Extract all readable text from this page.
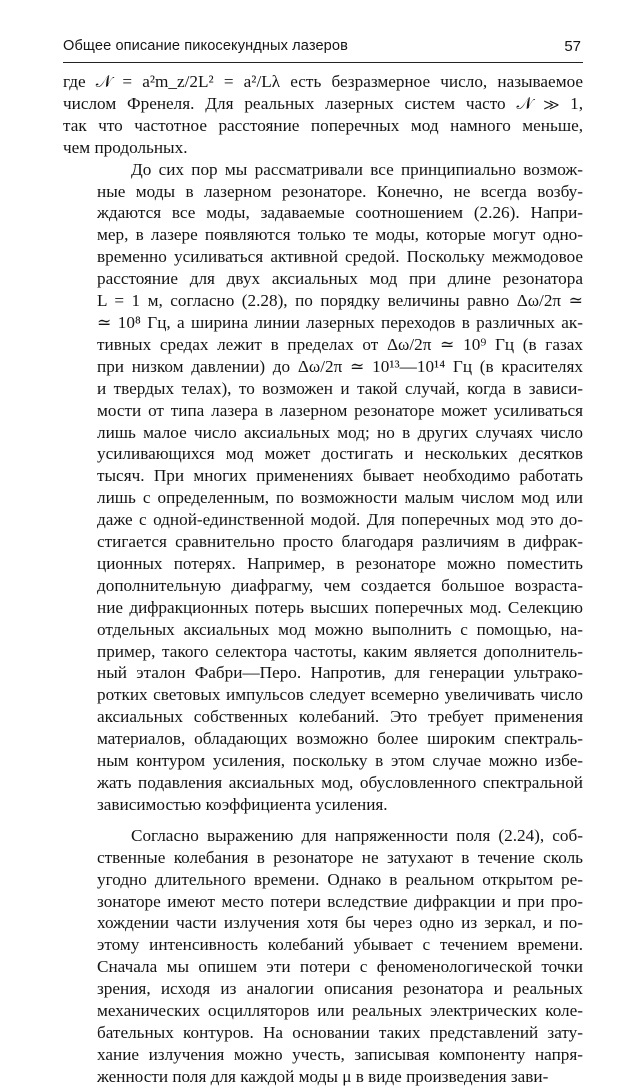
Общее описание пикосекундных лазеров	57
где 𝒩 = a²m_z/2L² = a²/Lλ есть безразмерное число, называемое
числом Френеля. Для реальных лазерных систем часто 𝒩 ≫ 1,
так что частотное расстояние поперечных мод намного меньше,
чем продольных.
До сих пор мы рассматривали все принципиально возмож-
ные моды в лазерном резонаторе. Конечно, не всегда возбу-
ждаются все моды, задаваемые соотношением (2.26). Напри-
мер, в лазере появляются только те моды, которые могут одно-
временно усиливаться активной средой. Поскольку межмодовое
расстояние для двух аксиальных мод при длине резонатора
L = 1 м, согласно (2.28), по порядку величины равно Δω/2π ≃
≃ 10⁸ Гц, а ширина линии лазерных переходов в различных ак-
тивных средах лежит в пределах от Δω/2π ≃ 10⁹ Гц (в газах
при низком давлении) до Δω/2π ≃ 10¹³—10¹⁴ Гц (в красителях
и твердых телах), то возможен и такой случай, когда в зависи-
мости от типа лазера в лазерном резонаторе может усиливаться
лишь малое число аксиальных мод; но в других случаях число
усиливающихся мод может достигать и нескольких десятков
тысяч. При многих применениях бывает необходимо работать
лишь с определенным, по возможности малым числом мод или
даже с одной-единственной модой. Для поперечных мод это до-
стигается сравнительно просто благодаря различиям в дифрак-
ционных потерях. Например, в резонаторе можно поместить
дополнительную диафрагму, чем создается большое возраста-
ние дифракционных потерь высших поперечных мод. Селекцию
отдельных аксиальных мод можно выполнить с помощью, на-
пример, такого селектора частоты, каким является дополнитель-
ный эталон Фабри—Перо. Напротив, для генерации ультрако-
ротких световых импульсов следует всемерно увеличивать число
аксиальных собственных колебаний. Это требует применения
материалов, обладающих возможно более широким спектраль-
ным контуром усиления, поскольку в этом случае можно избе-
жать подавления аксиальных мод, обусловленного спектральной
зависимостью коэффициента усиления.
Согласно выражению для напряженности поля (2.24), соб-
ственные колебания в резонаторе не затухают в течение сколь
угодно длительного времени. Однако в реальном открытом ре-
зонаторе имеют место потери вследствие дифракции и при про-
хождении части излучения хотя бы через одно из зеркал, и по-
этому интенсивность колебаний убывает с течением времени.
Сначала мы опишем эти потери с феноменологической точки
зрения, исходя из аналогии описания резонатора и реальных
механических осцилляторов или реальных электрических коле-
бательных контуров. На основании таких представлений зату-
хание излучения можно учесть, записывая компоненту напря-
женности поля для каждой моды μ в виде произведения зави-
